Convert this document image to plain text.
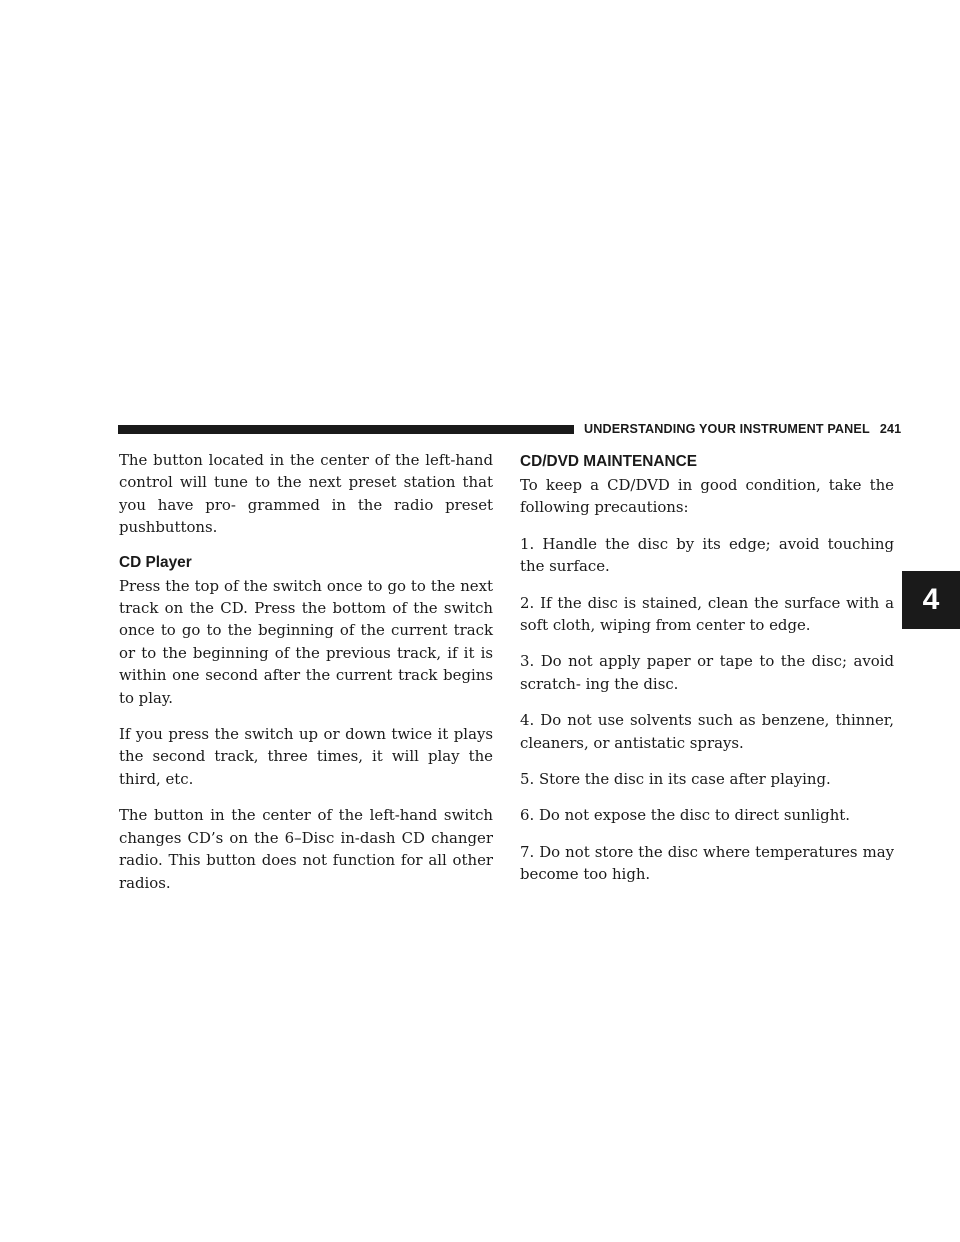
UNDERSTANDING YOUR INSTRUMENT PANEL 241
4

The button located in the center of the left-hand control will tune to the next preset station that you have pro- grammed in the radio preset pushbuttons.

CD Player

Press the top of the switch once to go to the next track on the CD. Press the bottom of the switch once to go to the beginning of the current track or to the beginning of the previous track, if it is within one second after the current track begins to play.

If you press the switch up or down twice it plays the second track, three times, it will play the third, etc.

The button in the center of the left-hand switch changes CD’s on the 6–Disc in-dash CD changer radio. This button does not function for all other radios.

CD/DVD MAINTENANCE

To keep a CD/DVD in good condition, take the following precautions:

1. Handle the disc by its edge; avoid touching the surface.

2. If the disc is stained, clean the surface with a soft cloth, wiping from center to edge.

3. Do not apply paper or tape to the disc; avoid scratch- ing the disc.

4. Do not use solvents such as benzene, thinner, cleaners, or antistatic sprays.

5. Store the disc in its case after playing.

6. Do not expose the disc to direct sunlight.

7. Do not store the disc where temperatures may become too high.
